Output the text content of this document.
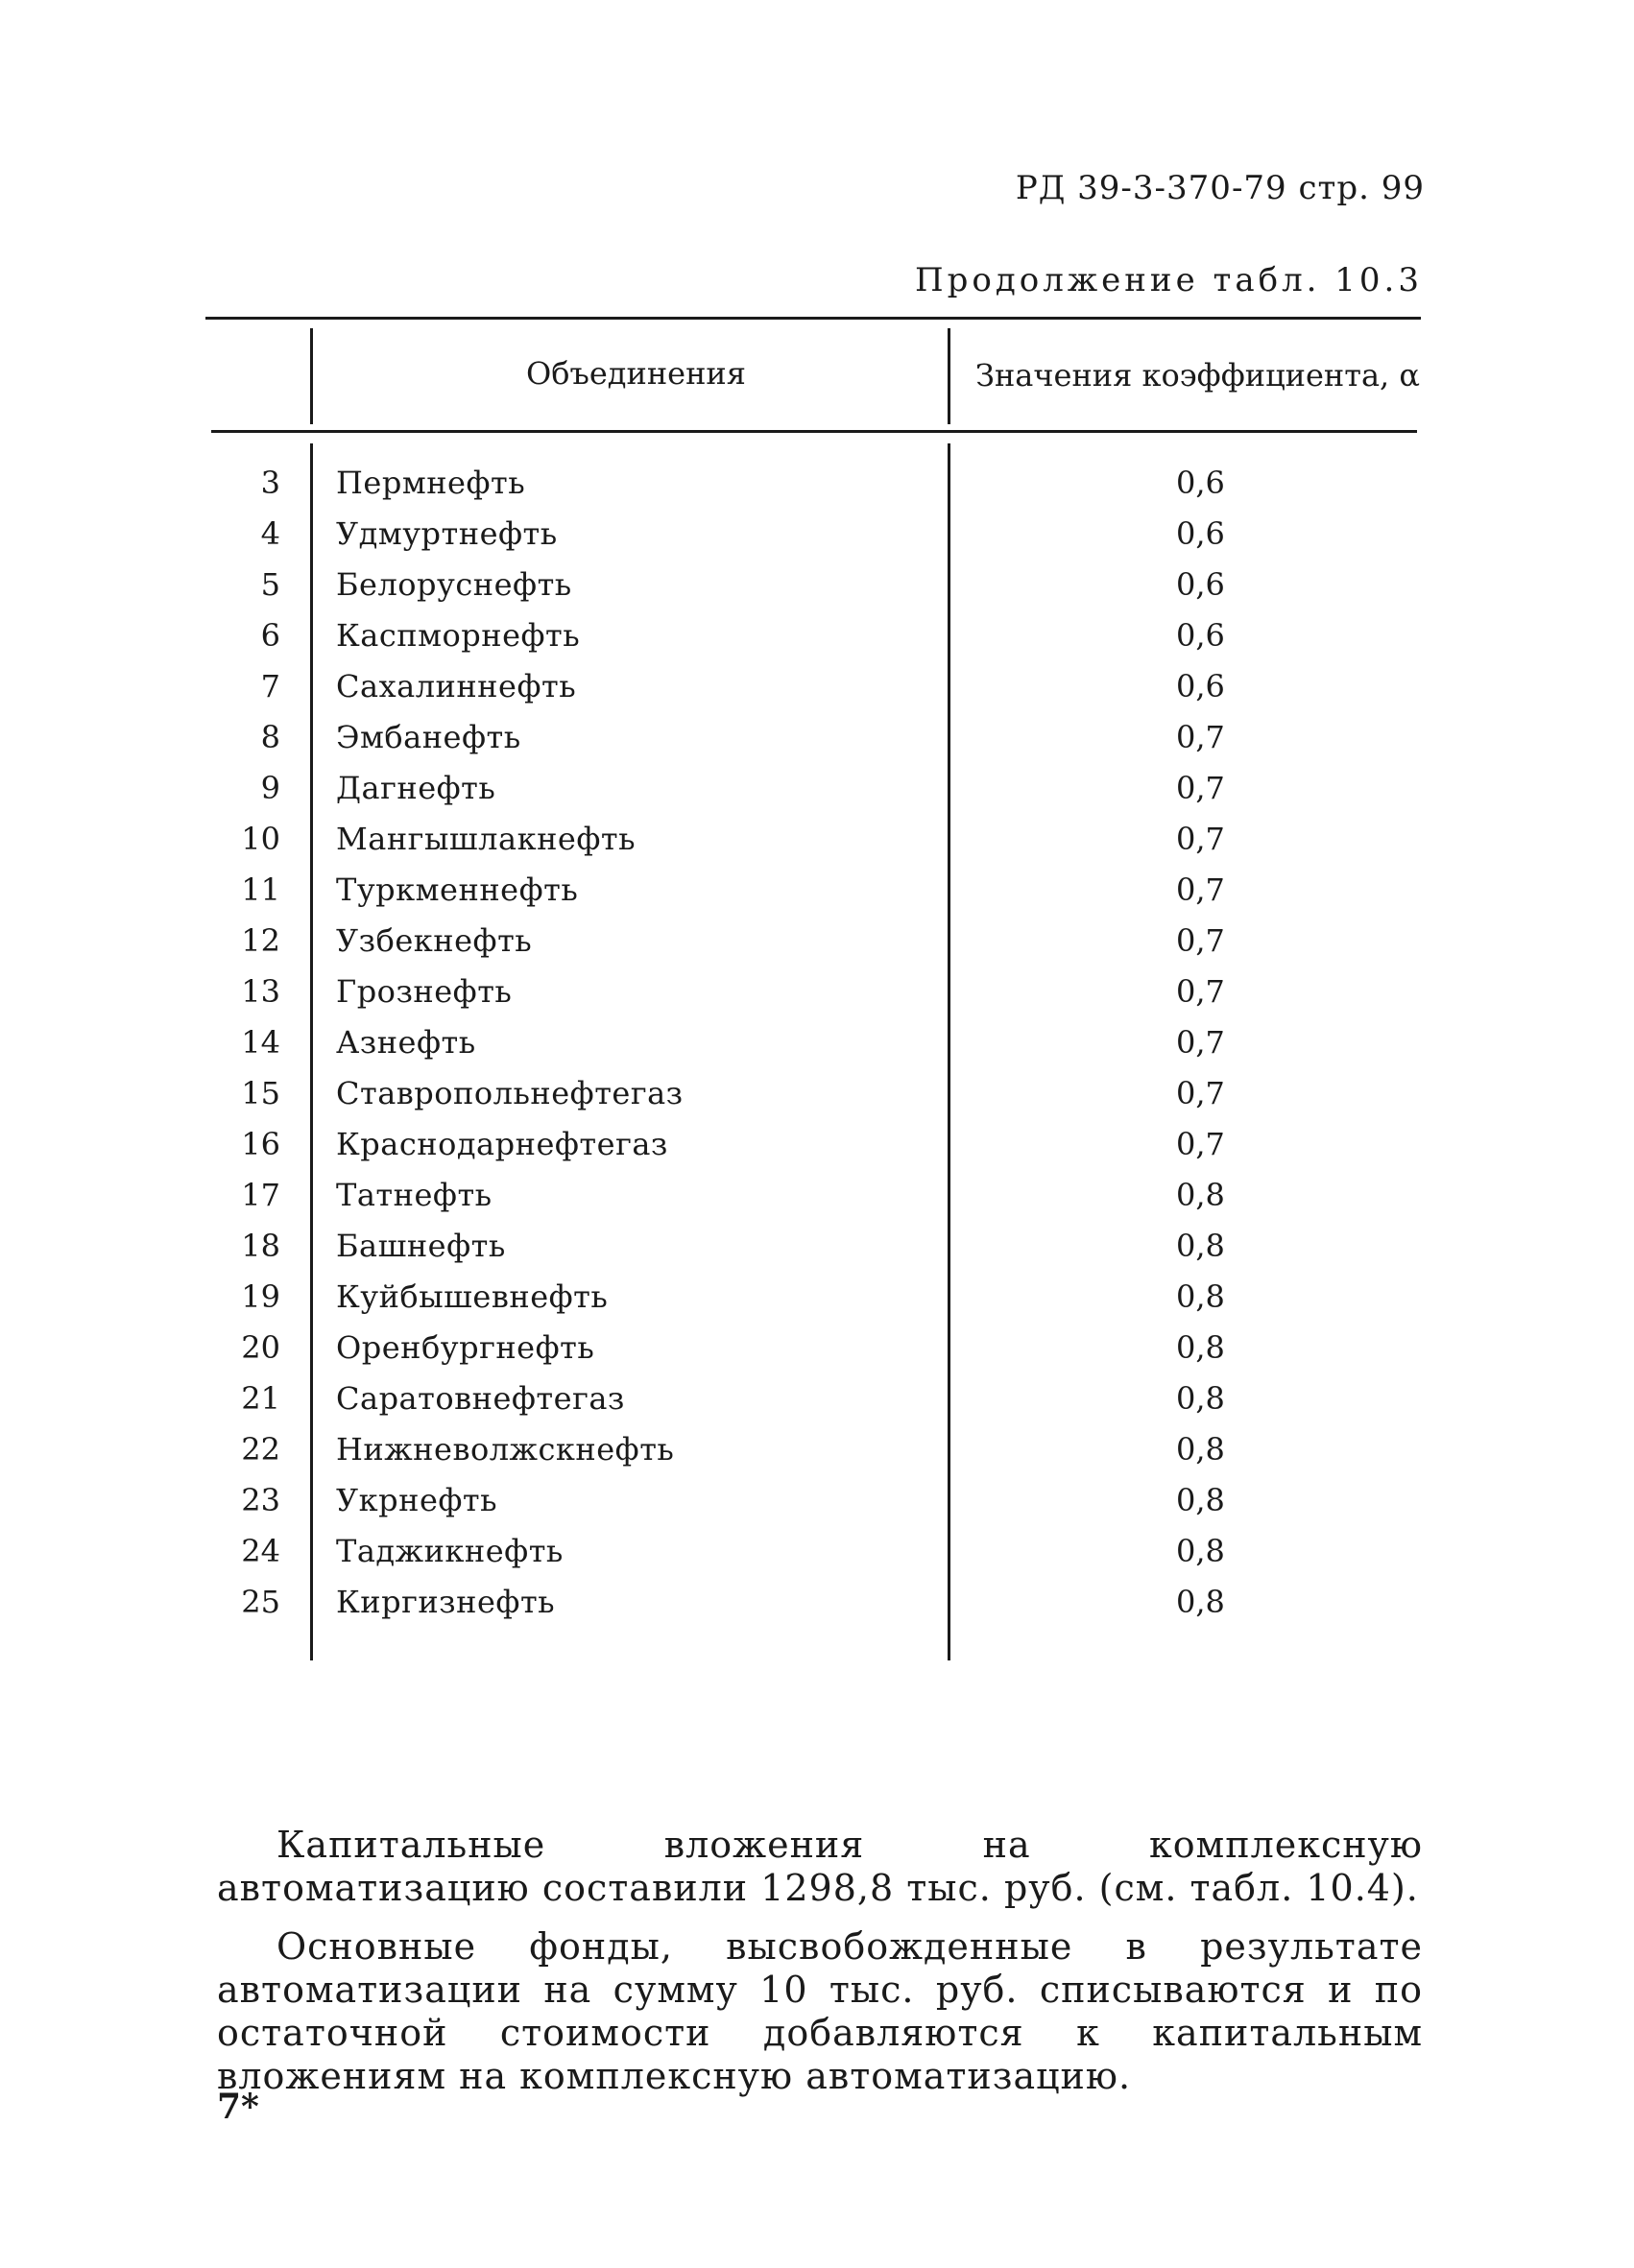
РД 39-3-370-79 стр. 99
Продолжение табл. 10.3
Объединения	Значения коэффициента, α
3 Пермнефть	0,6
4 Удмуртнефть	0,6
5 Белоруснефть	0,6
6 Каспморнефть	0,6
7 Сахалиннефть	0,6
8 Эмбанефть	0,7
9 Дагнефть	0,7
10 Мангышлакнефть	0,7
11 Туркменнефть	0,7
12 Узбекнефть	0,7
13 Грознефть	0,7
14 Азнефть	0,7
15 Ставропольнефтегаз	0,7
16 Краснодарнефтегаз	0,7
17 Татнефть	0,8
18 Башнефть	0,8
19 Куйбышевнефть	0,8
20 Оренбургнефть	0,8
21 Саратовнефтегаз	0,8
22 Нижневолжскнефть	0,8
23 Укрнефть	0,8
24 Таджикнефть	0,8
25 Киргизнефть	0,8
Капитальные вложения на комплексную автоматизацию составили 1298,8 тыс. руб. (см. табл. 10.4).
Основные фонды, высвобожденные в результате автоматизации на сумму 10 тыс. руб. списываются и по остаточной стоимости добавляются к капитальным вложениям на комплексную автоматизацию.
7*
